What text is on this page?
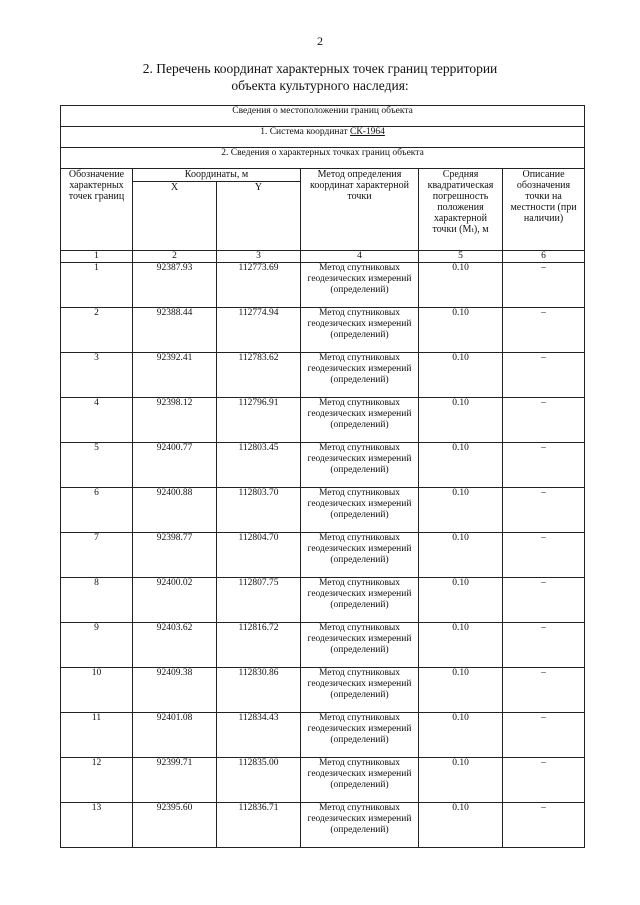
2
2. Перечень координат характерных точек границ территории
объекта культурного наследия:
Сведения о местоположении границ объекта					
1. Система координат СК-1964					
2. Сведения о характерных точках границ объекта					
Обозначение характерных точек границ	Координаты, м		Метод определения координат характерной точки	Средняя квадратическая погрешность положения характерной точки (Mₜ), м	Описание обозначения точки на местности (при наличии)
	X	Y			
1	2	3	4	5	6
1	92387.93	112773.69	Метод спутниковых геодезических измерений (определений)	0.10	–
2	92388.44	112774.94	Метод спутниковых геодезических измерений (определений)	0.10	–
3	92392.41	112783.62	Метод спутниковых геодезических измерений (определений)	0.10	–
4	92398.12	112796.91	Метод спутниковых геодезических измерений (определений)	0.10	–
5	92400.77	112803.45	Метод спутниковых геодезических измерений (определений)	0.10	–
6	92400.88	112803.70	Метод спутниковых геодезических измерений (определений)	0.10	–
7	92398.77	112804.70	Метод спутниковых геодезических измерений (определений)	0.10	–
8	92400.02	112807.75	Метод спутниковых геодезических измерений (определений)	0.10	–
9	92403.62	112816.72	Метод спутниковых геодезических измерений (определений)	0.10	–
10	92409.38	112830.86	Метод спутниковых геодезических измерений (определений)	0.10	–
11	92401.08	112834.43	Метод спутниковых геодезических измерений (определений)	0.10	–
12	92399.71	112835.00	Метод спутниковых геодезических измерений (определений)	0.10	–
13	92395.60	112836.71	Метод спутниковых геодезических измерений (определений)	0.10	–
